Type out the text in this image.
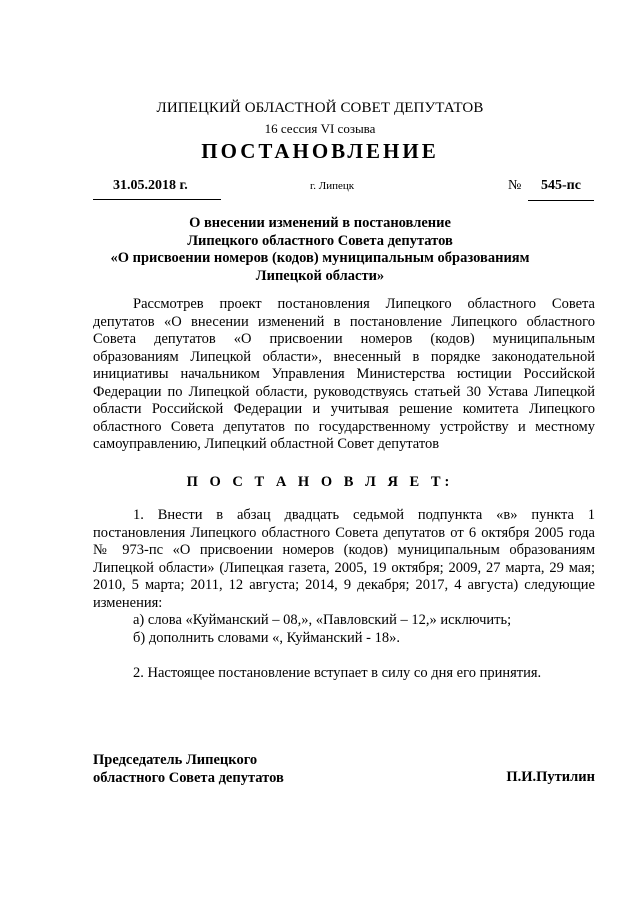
ЛИПЕЦКИЙ ОБЛАСТНОЙ СОВЕТ ДЕПУТАТОВ
16 сессия VI созыва
ПОСТАНОВЛЕНИЕ
31.05.2018 г.	г. Липецк	№	545-пс
О внесении изменений в постановление
Липецкого областного Совета депутатов
«О присвоении номеров (кодов) муниципальным образованиям
Липецкой области»
Рассмотрев проект постановления Липецкого областного Совета депутатов «О внесении изменений в постановление Липецкого областного Совета депутатов «О присвоении номеров (кодов) муниципальным образованиям Липецкой области», внесенный в порядке законодательной инициативы начальником Управления Министерства юстиции Российской Федерации по Липецкой области, руководствуясь статьей 30 Устава Липецкой области Российской Федерации и учитывая решение комитета Липецкого областного Совета депутатов по государственному устройству и местному самоуправлению, Липецкий областной Совет депутатов
П О С Т А Н О В Л Я Е Т:
1. Внести в абзац двадцать седьмой подпункта «в» пункта 1 постановления Липецкого областного Совета депутатов от 6 октября 2005 года № 973-пс «О присвоении номеров (кодов) муниципальным образованиям Липецкой области» (Липецкая газета, 2005, 19 октября; 2009, 27 марта, 29 мая; 2010, 5 марта; 2011, 12 августа; 2014, 9 декабря; 2017, 4 августа) следующие изменения:
а) слова «Куйманский – 08,», «Павловский – 12,» исключить;
б) дополнить словами «, Куйманский - 18».
2. Настоящее постановление вступает в силу со дня его принятия.
Председатель Липецкого
областного Совета депутатов	П.И.Путилин
